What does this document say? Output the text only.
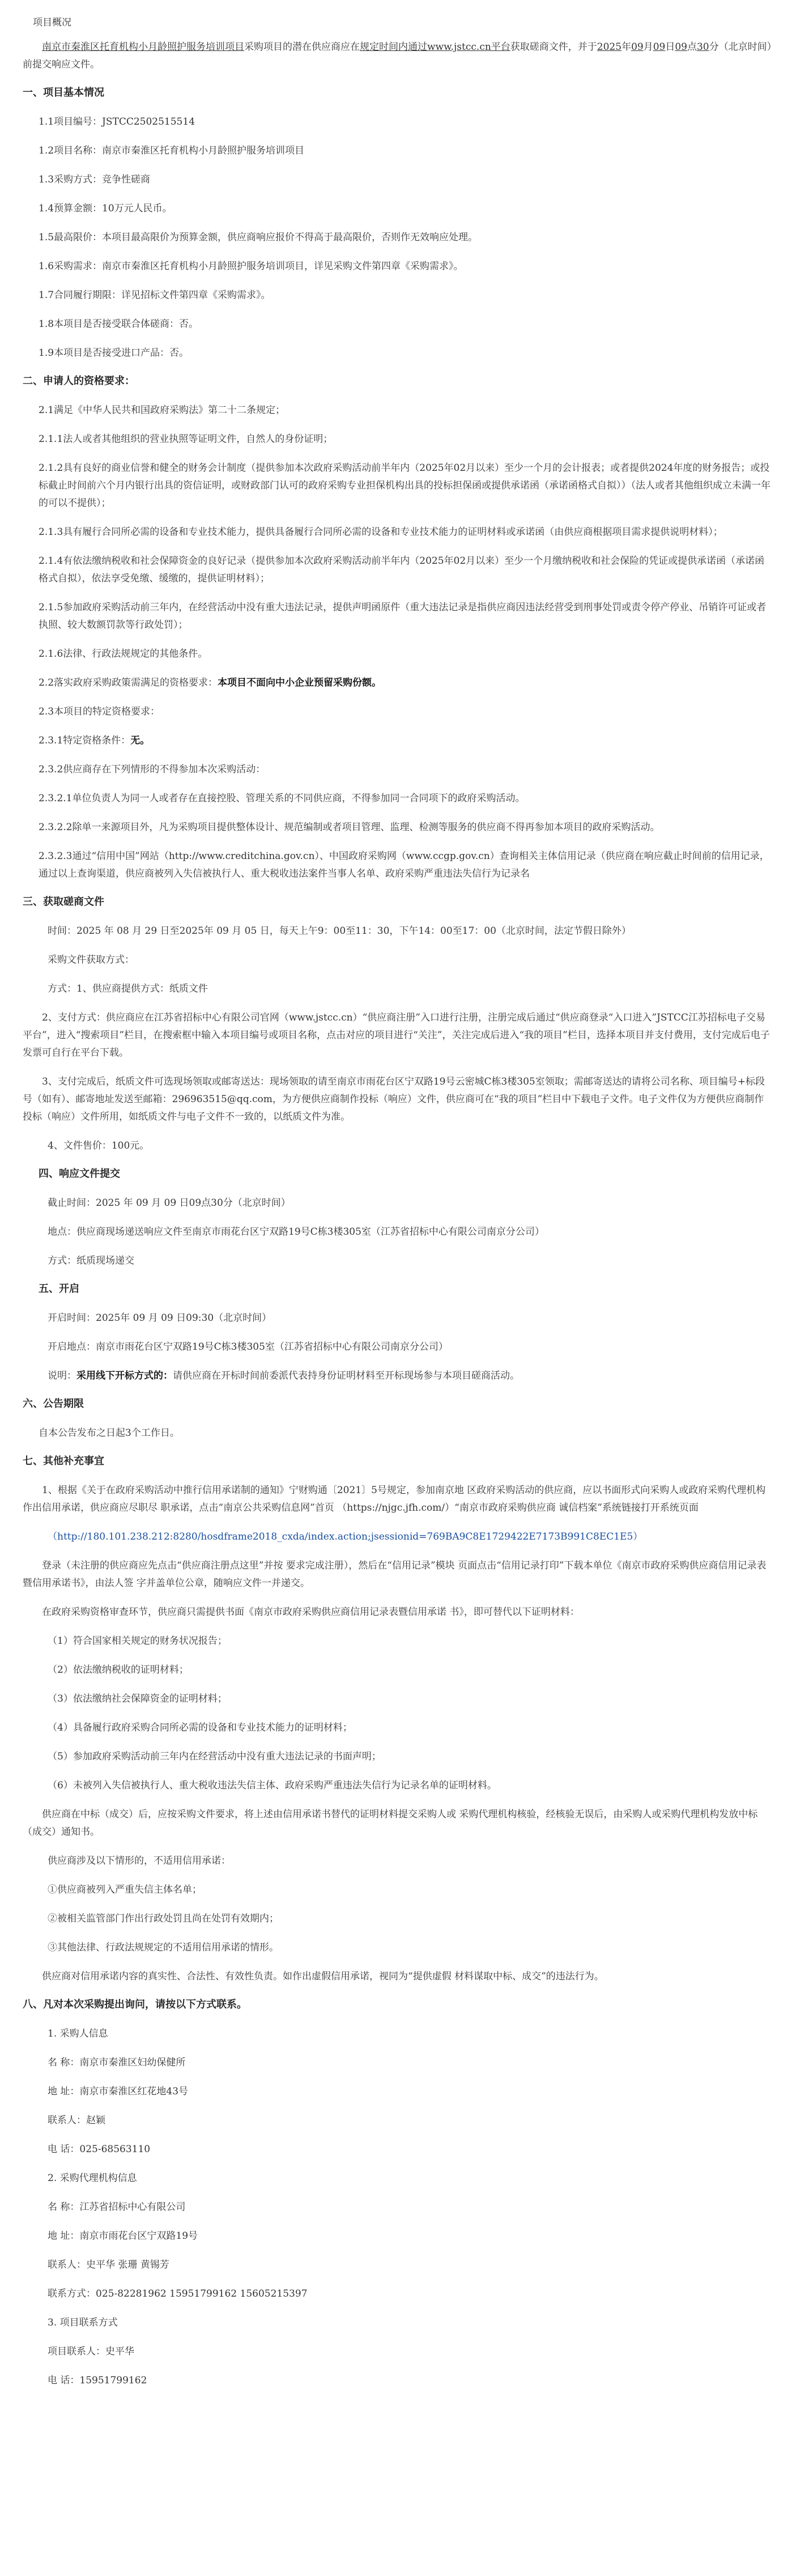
项目概况

南京市秦淮区托育机构小月龄照护服务培训项目采购项目的潜在供应商应在规定时间内通过www.jstcc.cn平台获取磋商文件，并于2025年09月09日09点30分（北京时间）前提交响应文件。

一、项目基本情况

1.1项目编号：JSTCC2502515514

1.2项目名称：南京市秦淮区托育机构小月龄照护服务培训项目

1.3采购方式：竞争性磋商

1.4预算金额：10万元人民币。

1.5最高限价：本项目最高限价为预算金额，供应商响应报价不得高于最高限价，否则作无效响应处理。

1.6采购需求：南京市秦淮区托育机构小月龄照护服务培训项目，详见采购文件第四章《采购需求》。

1.7合同履行期限：详见招标文件第四章《采购需求》。

1.8本项目是否接受联合体磋商：否。

1.9本项目是否接受进口产品：否。

二、申请人的资格要求：

2.1满足《中华人民共和国政府采购法》第二十二条规定；

2.1.1法人或者其他组织的营业执照等证明文件，自然人的身份证明；

2.1.2具有良好的商业信誉和健全的财务会计制度（提供参加本次政府采购活动前半年内（2025年02月以来）至少一个月的会计报表；或者提供2024年度的财务报告；或投标截止时间前六个月内银行出具的资信证明，或财政部门认可的政府采购专业担保机构出具的投标担保函或提供承诺函（承诺函格式自拟））（法人或者其他组织成立未满一年的可以不提供）；

2.1.3具有履行合同所必需的设备和专业技术能力，提供具备履行合同所必需的设备和专业技术能力的证明材料或承诺函（由供应商根据项目需求提供说明材料）；

2.1.4有依法缴纳税收和社会保障资金的良好记录（提供参加本次政府采购活动前半年内（2025年02月以来）至少一个月缴纳税收和社会保险的凭证或提供承诺函（承诺函格式自拟），依法享受免缴、缓缴的，提供证明材料）；

2.1.5参加政府采购活动前三年内，在经营活动中没有重大违法记录，提供声明函原件（重大违法记录是指供应商因违法经营受到刑事处罚或责令停产停业、吊销许可证或者执照、较大数额罚款等行政处罚）；

2.1.6法律、行政法规规定的其他条件。

2.2落实政府采购政策需满足的资格要求：本项目不面向中小企业预留采购份额。

2.3本项目的特定资格要求：

2.3.1特定资格条件：无。

2.3.2供应商存在下列情形的不得参加本次采购活动：

2.3.2.1单位负责人为同一人或者存在直接控股、管理关系的不同供应商，不得参加同一合同项下的政府采购活动。

2.3.2.2除单一来源项目外，凡为采购项目提供整体设计、规范编制或者项目管理、监理、检测等服务的供应商不得再参加本项目的政府采购活动。

2.3.2.3通过“信用中国”网站（http://www.creditchina.gov.cn）、中国政府采购网（www.ccgp.gov.cn）查询相关主体信用记录（供应商在响应截止时间前的信用记录，通过以上查询渠道，供应商被列入失信被执行人、重大税收违法案件当事人名单、政府采购严重违法失信行为记录名

三、获取磋商文件

时间：2025 年 08 月 29 日至2025年 09 月 05 日，每天上午9：00至11：30，下午14：00至17：00（北京时间，法定节假日除外）

采购文件获取方式：

方式：1、供应商提供方式：纸质文件

2、支付方式：供应商应在江苏省招标中心有限公司官网（www.jstcc.cn）“供应商注册”入口进行注册，注册完成后通过“供应商登录“入口进入”JSTCC江苏招标电子交易平台”，进入“搜索项目”栏目，在搜索框中输入本项目编号或项目名称，点击对应的项目进行“关注”，关注完成后进入“我的项目”栏目，选择本项目并支付费用，支付完成后电子发票可自行在平台下载。

3、支付完成后，纸质文件可选现场领取或邮寄送达：现场领取的请至南京市雨花台区宁双路19号云密城C栋3楼305室领取；需邮寄送达的请将公司名称、项目编号+标段号（如有）、邮寄地址发送至邮箱：296963515@qq.com，为方便供应商制作投标（响应）文件，供应商可在“我的项目”栏目中下载电子文件。电子文件仅为方便供应商制作投标（响应）文件所用，如纸质文件与电子文件不一致的，以纸质文件为准。

4、文件售价：100元。

四、响应文件提交

截止时间：2025 年 09 月 09 日09点30分（北京时间）

地点：供应商现场递送响应文件至南京市雨花台区宁双路19号C栋3楼305室（江苏省招标中心有限公司南京分公司）

方式：纸质现场递交

五、开启

开启时间：2025年 09 月 09 日09:30（北京时间）

开启地点：南京市雨花台区宁双路19号C栋3楼305室（江苏省招标中心有限公司南京分公司）

说明：采用线下开标方式的：请供应商在开标时间前委派代表持身份证明材料至开标现场参与本项目磋商活动。

六、公告期限

自本公告发布之日起3个工作日。

七、其他补充事宜

1、根据《关于在政府采购活动中推行信用承诺制的通知》宁财购通〔2021〕5号规定，参加南京地 区政府采购活动的供应商，应以书面形式向采购人或政府采购代理机构作出信用承诺，供应商应尽职尽 职承诺，点击“南京公共采购信息网”首页 （https://njgc.jfh.com/）“南京市政府采购供应商 诚信档案”系统链接打开系统页面

（http://180.101.238.212:8280/hosdframe2018_cxda/index.action;jsessionid=769BA9C8E1729422E7173B991C8EC1E5）

登录（未注册的供应商应先点击“供应商注册点这里”并按 要求完成注册），然后在“信用记录”模块 页面点击“信用记录打印”下载本单位《南京市政府采购供应商信用记录表暨信用承诺书》，由法人签 字并盖单位公章，随响应文件一并递交。

在政府采购资格审查环节，供应商只需提供书面《南京市政府采购供应商信用记录表暨信用承诺 书》，即可替代以下证明材料：

（1）符合国家相关规定的财务状况报告；

（2）依法缴纳税收的证明材料；

（3）依法缴纳社会保障资金的证明材料；

（4）具备履行政府采购合同所必需的设备和专业技术能力的证明材料；

（5）参加政府采购活动前三年内在经营活动中没有重大违法记录的书面声明；

（6）未被列入失信被执行人、重大税收违法失信主体、政府采购严重违法失信行为记录名单的证明材料。

供应商在中标（成交）后，应按采购文件要求，将上述由信用承诺书替代的证明材料提交采购人或 采购代理机构核验，经核验无误后，由采购人或采购代理机构发放中标（成交）通知书。

供应商涉及以下情形的，不适用信用承诺：

①供应商被列入严重失信主体名单；

②被相关监管部门作出行政处罚且尚在处罚有效期内；

③其他法律、行政法规规定的不适用信用承诺的情形。

供应商对信用承诺内容的真实性、合法性、有效性负责。如作出虚假信用承诺，视同为“提供虚假 材料谋取中标、成交”的违法行为。

八、凡对本次采购提出询问，请按以下方式联系。

1. 采购人信息

名 称：南京市秦淮区妇幼保健所

地 址：南京市秦淮区红花地43号

联系人：赵颖

电 话：025-68563110

2. 采购代理机构信息

名 称：江苏省招标中心有限公司

地 址：南京市雨花台区宁双路19号

联系人：史平华 张珊 黄锡芳

联系方式：025-82281962 15951799162 15605215397

3. 项目联系方式

项目联系人：史平华

电 话：15951799162
